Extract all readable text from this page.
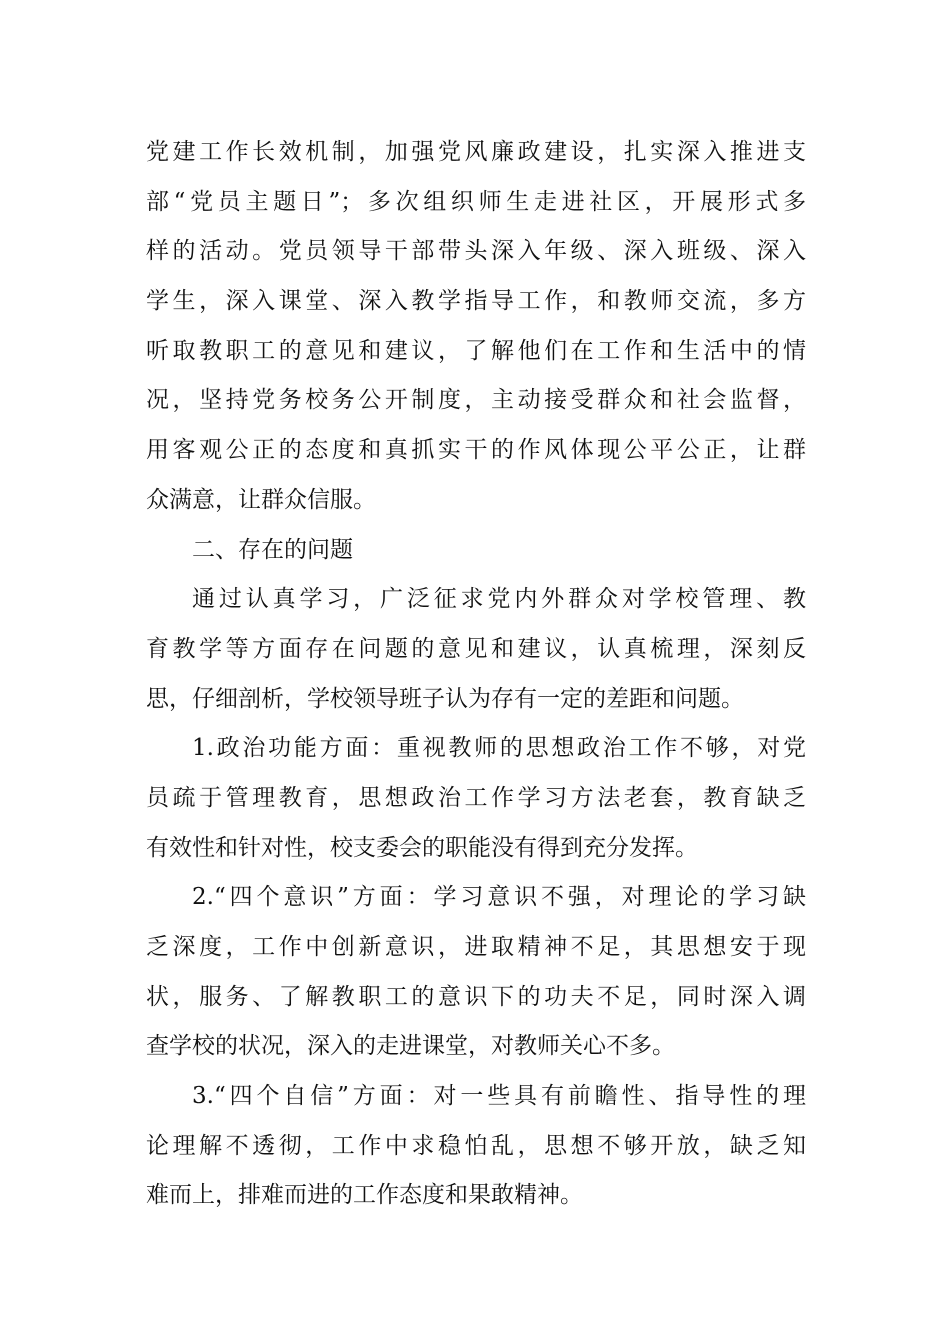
党建工作长效机制，加强党风廉政建设，扎实深入推进支
部“党员主题日”；多次组织师生走进社区，开展形式多
样的活动。党员领导干部带头深入年级、深入班级、深入
学生，深入课堂、深入教学指导工作，和教师交流，多方
听取教职工的意见和建议，了解他们在工作和生活中的情
况，坚持党务校务公开制度，主动接受群众和社会监督，
用客观公正的态度和真抓实干的作风体现公平公正，让群
众满意，让群众信服。
二、存在的问题
通过认真学习，广泛征求党内外群众对学校管理、教
育教学等方面存在问题的意见和建议，认真梳理，深刻反
思，仔细剖析，学校领导班子认为存有一定的差距和问题。
1.政治功能方面：重视教师的思想政治工作不够，对党
员疏于管理教育，思想政治工作学习方法老套，教育缺乏
有效性和针对性，校支委会的职能没有得到充分发挥。
2.“四个意识”方面：学习意识不强，对理论的学习缺
乏深度，工作中创新意识，进取精神不足，其思想安于现
状，服务、了解教职工的意识下的功夫不足，同时深入调
查学校的状况，深入的走进课堂，对教师关心不多。
3.“四个自信”方面：对一些具有前瞻性、指导性的理
论理解不透彻，工作中求稳怕乱，思想不够开放，缺乏知
难而上，排难而进的工作态度和果敢精神。
